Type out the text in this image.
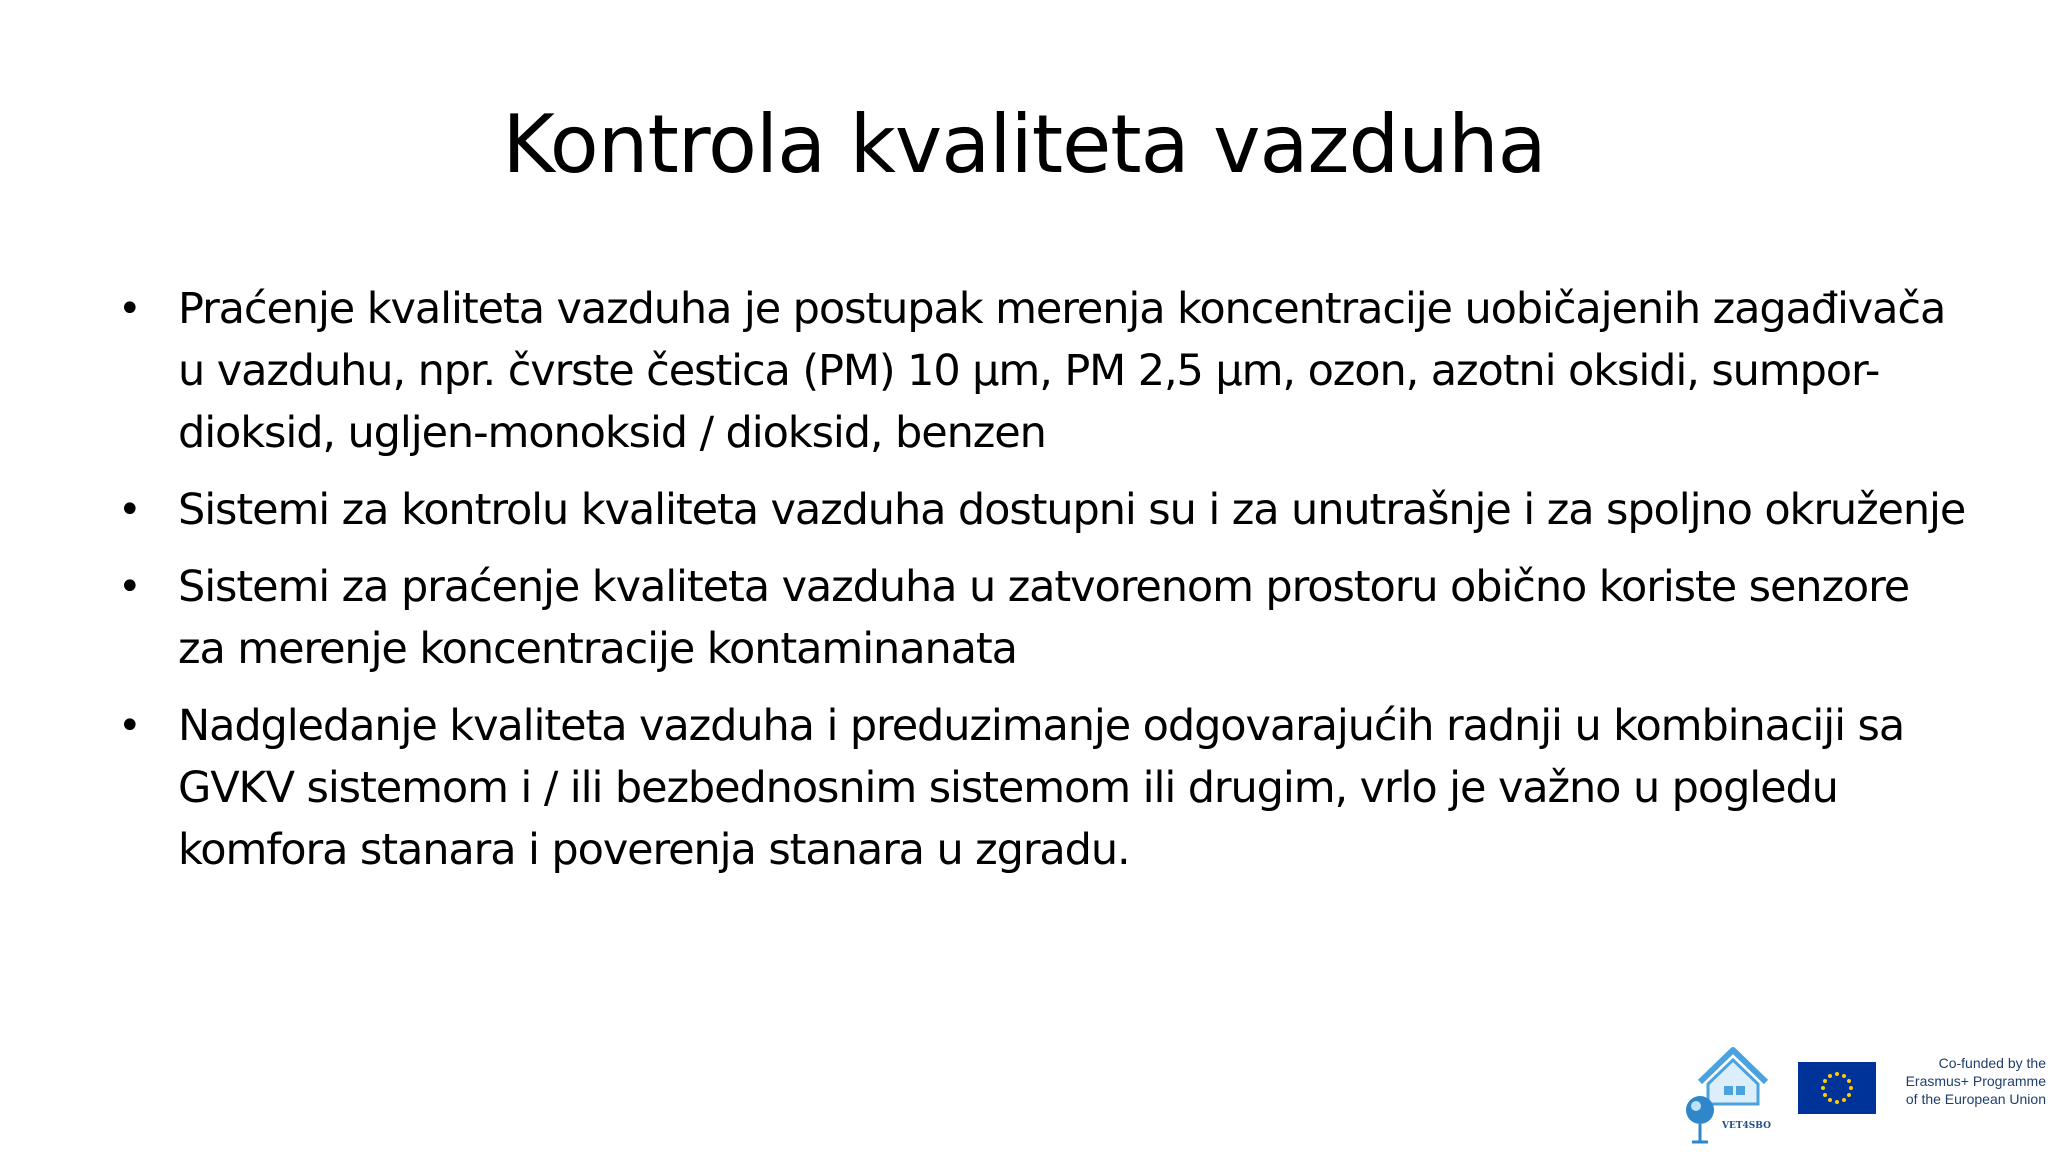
Kontrola kvaliteta vazduha
• Praćenje kvaliteta vazduha je postupak merenja koncentracije uobičajenih zagađivača u vazduhu, npr. čvrste čestica (PM) 10 µm, PM 2,5 µm, ozon, azotni oksidi, sumpor-dioksid, ugljen-monoksid / dioksid, benzen
• Sistemi za kontrolu kvaliteta vazduha dostupni su i za unutrašnje i za spoljno okruženje
• Sistemi za praćenje kvaliteta vazduha u zatvorenom prostoru obično koriste senzore za merenje koncentracije kontaminanata
• Nadgledanje kvaliteta vazduha i preduzimanje odgovarajućih radnji u kombinaciji sa GVKV sistemom i / ili bezbednosnim sistemom ili drugim, vrlo je važno u pogledu komfora stanara i poverenja stanara u zgradu.
VET4SBO
Co-funded by the
Erasmus+ Programme
of the European Union
